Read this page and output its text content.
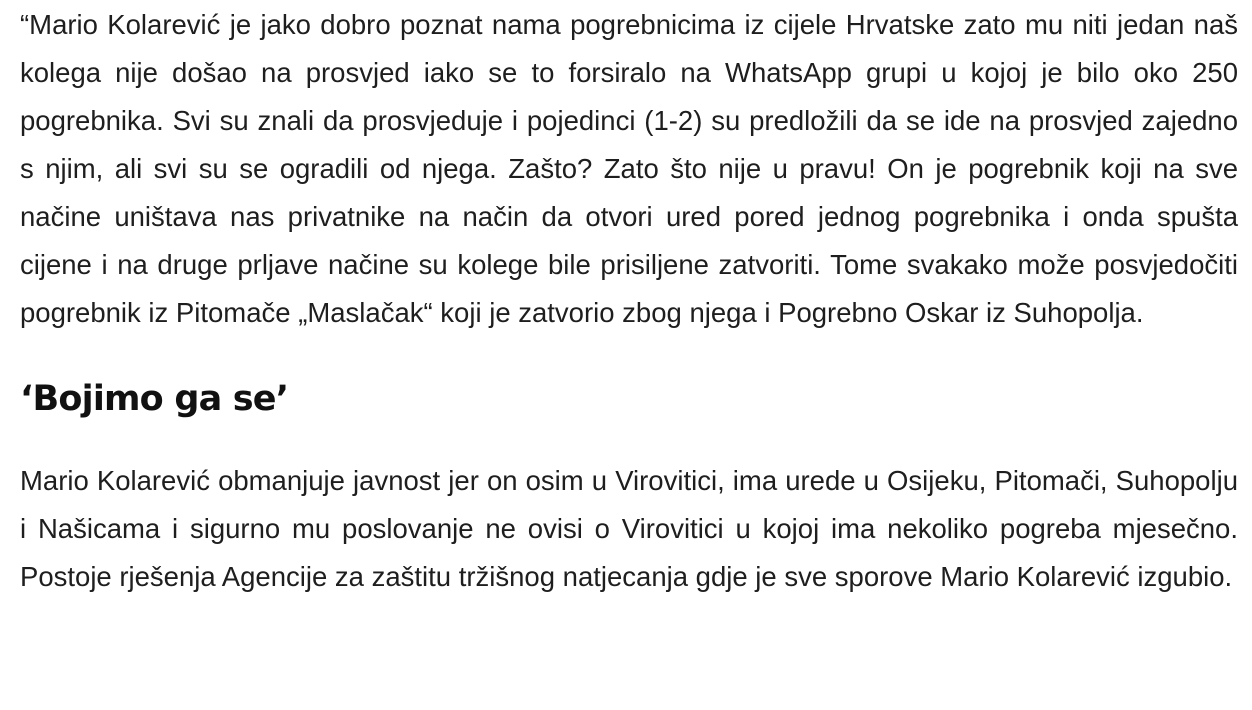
“Mario Kolarević je jako dobro poznat nama pogrebnicima iz cijele Hrvatske zato mu niti jedan naš kolega nije došao na prosvjed iako se to forsiralo na WhatsApp grupi u kojoj je bilo oko 250 pogrebnika. Svi su znali da prosvjeduje i pojedinci (1-2) su predložili da se ide na prosvjed zajedno s njim, ali svi su se ogradili od njega. Zašto? Zato što nije u pravu! On je pogrebnik koji na sve načine uništava nas privatnike na način da otvori ured pored jednog pogrebnika i onda spušta cijene i na druge prljave načine su kolege bile prisiljene zatvoriti. Tome svakako može posvjedočiti pogrebnik iz Pitomače „Maslačak“ koji je zatvorio zbog njega i Pogrebno Oskar iz Suhopolja.

‘Bojimo ga se’

Mario Kolarević obmanjuje javnost jer on osim u Virovitici, ima urede u Osijeku, Pitomači, Suhopolju i Našicama i sigurno mu poslovanje ne ovisi o Virovitici u kojoj ima nekoliko pogreba mjesečno. Postoje rješenja Agencije za zaštitu tržišnog natjecanja gdje je sve sporove Mario Kolarević izgubio.
